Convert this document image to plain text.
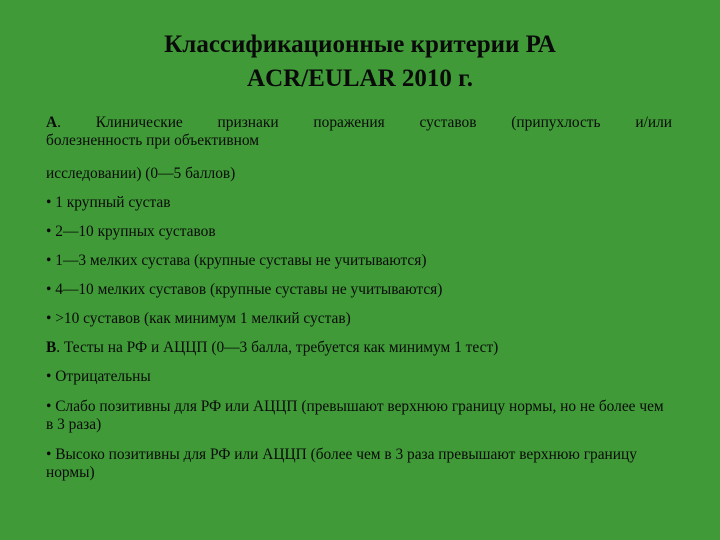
Классификационные критерии РА
ACR/EULAR 2010 г.
А. Клинические признаки поражения суставов (припухлость и/или
болезненность при объективном
исследовании) (0—5 баллов)
• 1 крупный сустав
• 2—10 крупных суставов
• 1—3 мелких сустава (крупные суставы не учитываются)
• 4—10 мелких суставов (крупные суставы не учитываются)
• >10 суставов (как минимум 1 мелкий сустав)
В. Тесты на РФ и АЦЦП (0—3 балла, требуется как минимум 1 тест)
• Отрицательны
• Слабо позитивны для РФ или АЦЦП (превышают верхнюю границу нормы, но не более чем в 3 раза)
• Высоко позитивны для РФ или АЦЦП (более чем в 3 раза превышают верхнюю границу нормы)
